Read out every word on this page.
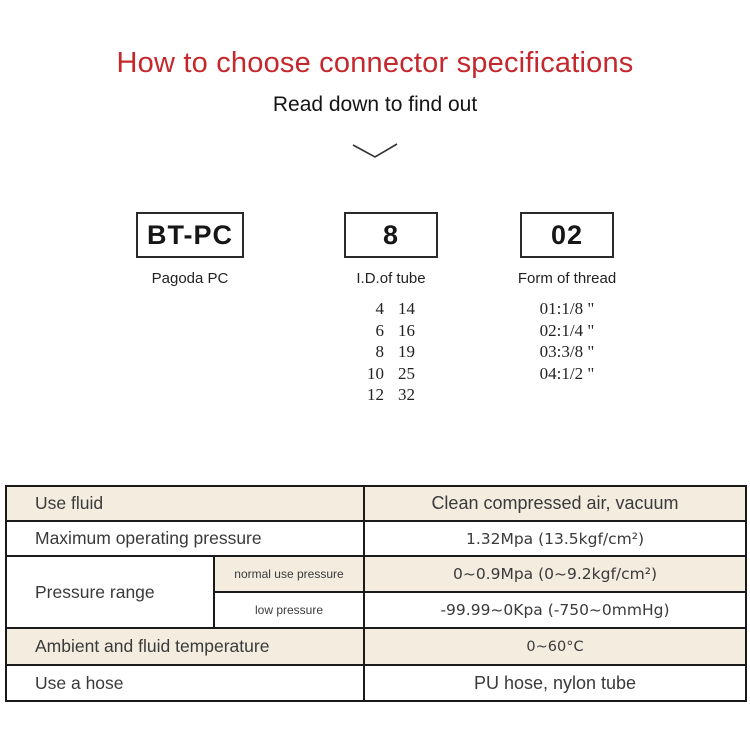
How to choose connector specifications
Read down to find out
BT-PC
Pagoda PC
8
I.D.of tube
4 14
6 16
8 19
10 25
12 32
02
Form of thread
01:1/8 "
02:1/4 "
03:3/8 "
04:1/2 "
Use fluid		Clean compressed air, vacuum
Maximum operating pressure		1.32Mpa (13.5kgf/cm²)
Pressure range	normal use pressure	0~0.9Mpa (0~9.2kgf/cm²)
	low pressure	-99.99~0Kpa (-750~0mmHg)
Ambient and fluid temperature		0~60°C
Use a hose		PU hose, nylon tube
